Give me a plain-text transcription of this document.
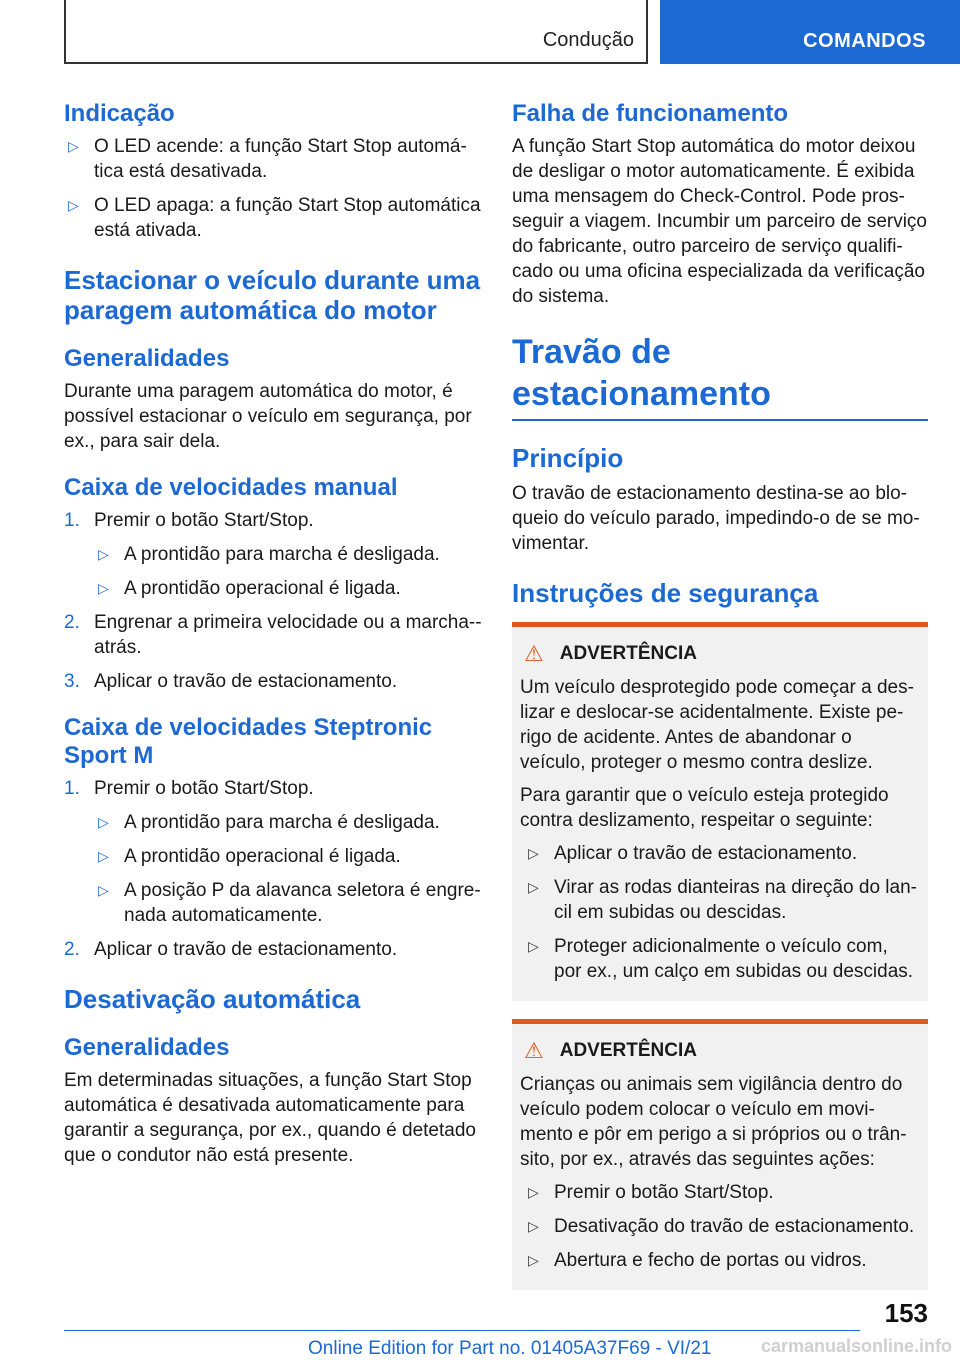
Condução	COMANDOS
Indicação
▷ O LED acende: a função Start Stop automá-tica está desativada.
▷ O LED apaga: a função Start Stop automática está ativada.
Estacionar o veículo durante uma paragem automática do motor
Generalidades

Durante uma paragem automática do motor, é possível estacionar o veículo em segurança, por ex., para sair dela.

Caixa de velocidades manual
1. Premir o botão Start/Stop.
▷ A prontidão para marcha é desligada.
▷ A prontidão operacional é ligada.
2. Engrenar a primeira velocidade ou a marcha--atrás.
3. Aplicar o travão de estacionamento.
Caixa de velocidades Steptronic Sport M
1. Premir o botão Start/Stop.
▷ A prontidão para marcha é desligada.
▷ A prontidão operacional é ligada.
▷ A posição P da alavanca seletora é engre-nada automaticamente.
2. Aplicar o travão de estacionamento.
Desativação automática
Generalidades

Em determinadas situações, a função Start Stop automática é desativada automaticamente para garantir a segurança, por ex., quando é detetado que o condutor não está presente.

Falha de funcionamento

A função Start Stop automática do motor deixou de desligar o motor automaticamente. É exibida uma mensagem do Check-Control. Pode pros-seguir a viagem. Incumbir um parceiro de serviço do fabricante, outro parceiro de serviço qualifi-cado ou uma oficina especializada da verificação do sistema.

Travão de estacionamento
Princípio

O travão de estacionamento destina-se ao blo-queio do veículo parado, impedindo-o de se mo-vimentar.

Instruções de segurança
⚠ ADVERTÊNCIA

Um veículo desprotegido pode começar a des-lizar e deslocar-se acidentalmente. Existe pe-rigo de acidente. Antes de abandonar o veículo, proteger o mesmo contra deslize.

Para garantir que o veículo esteja protegido contra deslizamento, respeitar o seguinte:

▷ Aplicar o travão de estacionamento.
▷ Virar as rodas dianteiras na direção do lan-cil em subidas ou descidas.
▷ Proteger adicionalmente o veículo com, por ex., um calço em subidas ou descidas.
⚠ ADVERTÊNCIA

Crianças ou animais sem vigilância dentro do veículo podem colocar o veículo em movi-mento e pôr em perigo a si próprios ou o trân-sito, por ex., através das seguintes ações:

▷ Premir o botão Start/Stop.
▷ Desativação do travão de estacionamento.
▷ Abertura e fecho de portas ou vidros.
153
Online Edition for Part no. 01405A37F69 - VI/21	carmanualsonline.info
